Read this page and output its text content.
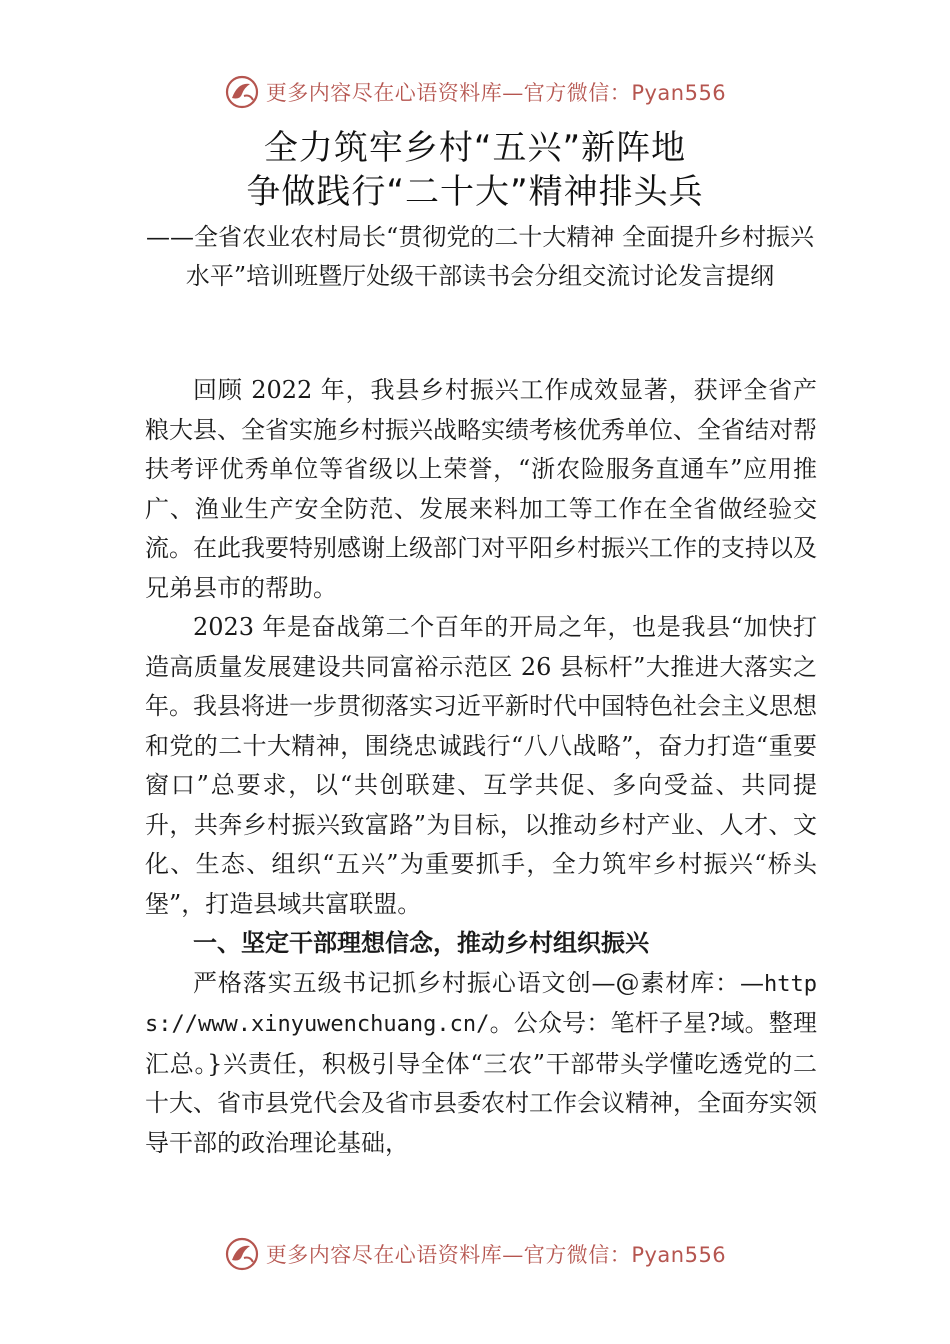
更多内容尽在心语资料库—官方微信：Pyan556
全力筑牢乡村“五兴”新阵地
争做践行“二十大”精神排头兵
——全省农业农村局长“贯彻党的二十大精神 全面提升乡村振兴水平”培训班暨厅处级干部读书会分组交流讨论发言提纲

回顾 2022 年，我县乡村振兴工作成效显著，获评全省产粮大县、全省实施乡村振兴战略实绩考核优秀单位、全省结对帮扶考评优秀单位等省级以上荣誉，“浙农险服务直通车”应用推广、渔业生产安全防范、发展来料加工等工作在全省做经验交流。在此我要特别感谢上级部门对平阳乡村振兴工作的支持以及兄弟县市的帮助。

2023 年是奋战第二个百年的开局之年，也是我县“加快打造高质量发展建设共同富裕示范区 26 县标杆”大推进大落实之年。我县将进一步贯彻落实习近平新时代中国特色社会主义思想和党的二十大精神，围绕忠诚践行“八八战略”，奋力打造“重要窗口”总要求，以“共创联建、互学共促、多向受益、共同提升，共奔乡村振兴致富路”为目标，以推动乡村产业、人才、文化、生态、组织“五兴”为重要抓手，全力筑牢乡村振兴“桥头堡”，打造县域共富联盟。

一、坚定干部理想信念，推动乡村组织振兴

严格落实五级书记抓乡村振心语文创—@素材库：—https://www.xinyuwenchuang.cn/。公众号：笔杆子星?域。整理汇总。}兴责任，积极引导全体“三农”干部带头学懂吃透党的二十大、省市县党代会及省市县委农村工作会议精神，全面夯实领导干部的政治理论基础，

更多内容尽在心语资料库—官方微信：Pyan556
